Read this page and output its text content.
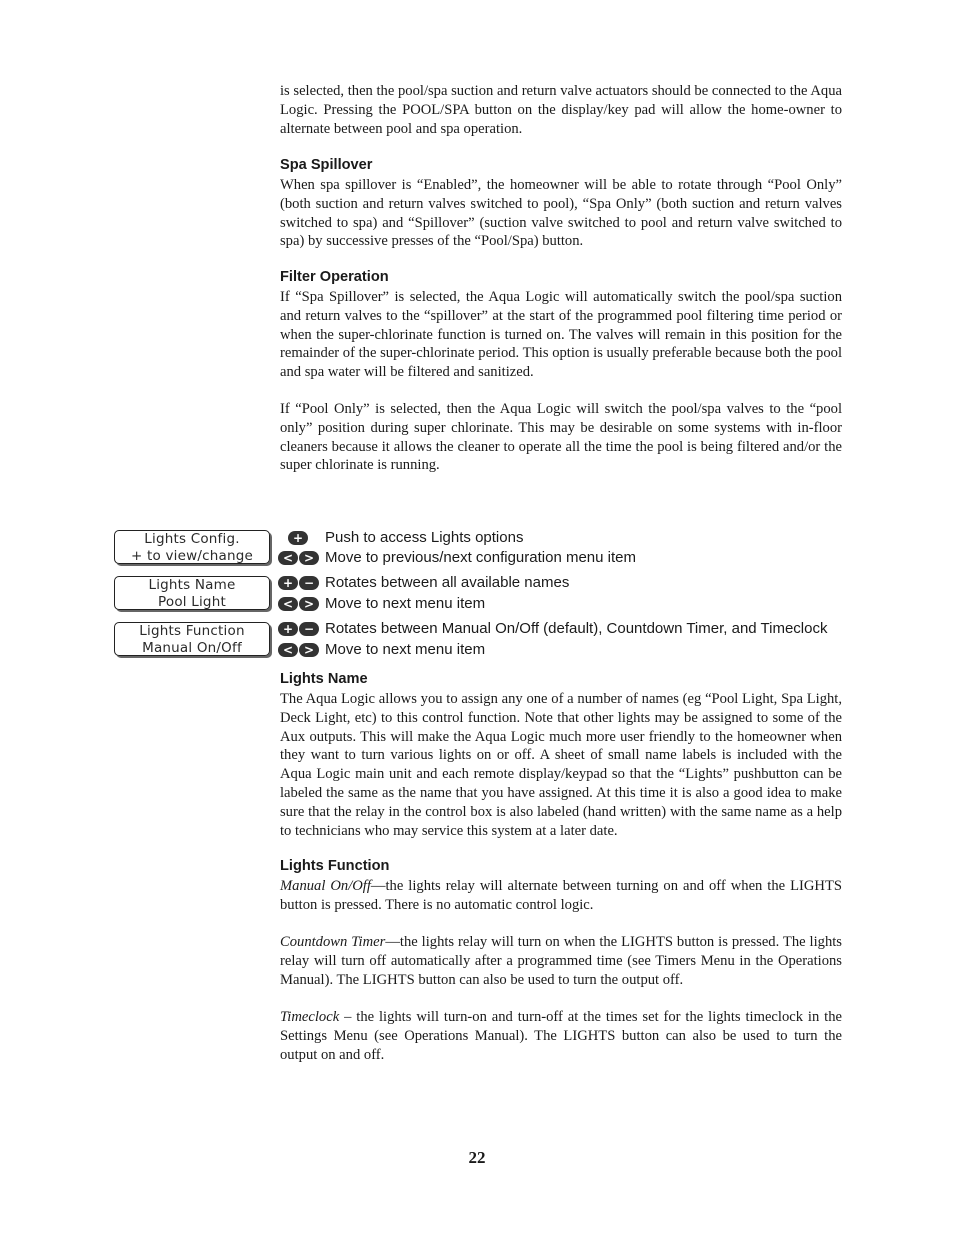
is selected, then the pool/spa suction and return valve actuators should be connected to the Aqua Logic. Pressing the POOL/SPA button on the display/key pad will allow the home-owner to alternate between pool and spa operation.

Spa Spillover

When spa spillover is “Enabled”, the homeowner will be able to rotate through “Pool Only” (both suction and return valves switched to pool), “Spa Only” (both suction and return valves switched to spa) and “Spillover” (suction valve switched to pool and return valve switched to spa) by successive presses of the “Pool/Spa) button.

Filter Operation

If “Spa Spillover” is selected, the Aqua Logic will automatically switch the pool/spa suction and return valves to the “spillover” at the start of the programmed pool filtering time period or when the super-chlorinate function is turned on. The valves will remain in this position for the remainder of the super-chlorinate period. This option is usually preferable because both the pool and spa water will be filtered and sanitized.

If “Pool Only” is selected, then the Aqua Logic will switch the pool/spa valves to the “pool only” position during super chlorinate. This may be desirable on some systems with in-floor cleaners because it allows the cleaner to operate all the time the pool is being filtered and/or the super chlorinate is running.

Lights Config.
+ to view/change
Lights Name
Pool Light
Lights Function
Manual On/Off
+	Push to access Lights options
< > Move to previous/next configuration menu item
+ − Rotates between all available names
< > Move to next menu item
+ − Rotates between Manual On/Off (default), Countdown Timer, and Timeclock
< > Move to next menu item
Lights Name

The Aqua Logic allows you to assign any one of a number of names (eg “Pool Light, Spa Light, Deck Light, etc) to this control function. Note that other lights may be assigned to some of the Aux outputs. This will make the Aqua Logic much more user friendly to the homeowner when they want to turn various lights on or off. A sheet of small name labels is included with the Aqua Logic main unit and each remote display/keypad so that the “Lights” pushbutton can be labeled the same as the name that you have assigned. At this time it is also a good idea to make sure that the relay in the control box is also labeled (hand written) with the same name as a help to technicians who may service this system at a later date.

Lights Function

Manual On/Off—the lights relay will alternate between turning on and off when the LIGHTS button is pressed. There is no automatic control logic.

Countdown Timer—the lights relay will turn on when the LIGHTS button is pressed. The lights relay will turn off automatically after a programmed time (see Timers Menu in the Operations Manual). The LIGHTS button can also be used to turn the output off.

Timeclock – the lights will turn-on and turn-off at the times set for the lights timeclock in the Settings Menu (see Operations Manual). The LIGHTS button can also be used to turn the output on and off.

22
